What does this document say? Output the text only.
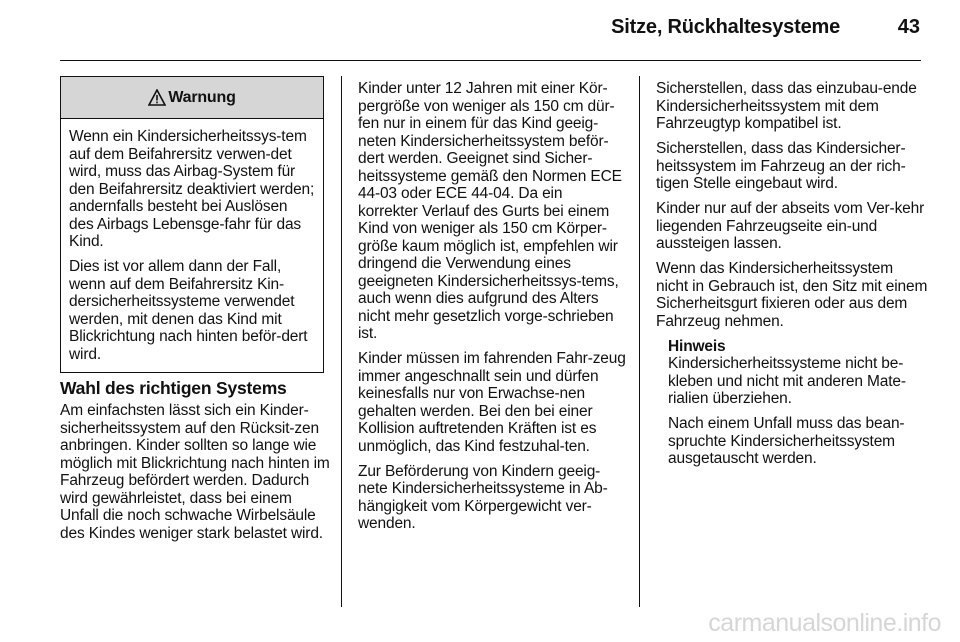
Sitze, Rückhaltesysteme	43
Warnung

Wenn ein Kindersicherheitssys-tem auf dem Beifahrersitz verwen-det wird, muss das Airbag-System für den Beifahrersitz deaktiviert werden; andernfalls besteht bei Auslösen des Airbags Lebensge-fahr für das Kind.

Dies ist vor allem dann der Fall, wenn auf dem Beifahrersitz Kin-dersicherheitssysteme verwendet werden, mit denen das Kind mit Blickrichtung nach hinten beför-dert wird.

Wahl des richtigen Systems
Am einfachsten lässt sich ein Kinder-sicherheitssystem auf den Rücksit-zen anbringen. Kinder sollten so lange wie möglich mit Blickrichtung nach hinten im Fahrzeug befördert werden. Dadurch wird gewährleistet, dass bei einem Unfall die noch schwache Wirbelsäule des Kindes weniger stark belastet wird.

Kinder unter 12 Jahren mit einer Kör-pergröße von weniger als 150 cm dür-fen nur in einem für das Kind geeig-neten Kindersicherheitssystem beför-dert werden. Geeignet sind Sicher-heitssysteme gemäß den Normen ECE 44-03 oder ECE 44-04. Da ein korrekter Verlauf des Gurts bei einem Kind von weniger als 150 cm Körper-größe kaum möglich ist, empfehlen wir dringend die Verwendung eines geeigneten Kindersicherheitssys-tems, auch wenn dies aufgrund des Alters nicht mehr gesetzlich vorge-schrieben ist.

Kinder müssen im fahrenden Fahr-zeug immer angeschnallt sein und dürfen keinesfalls nur von Erwachse-nen gehalten werden. Bei den bei einer Kollision auftretenden Kräften ist es unmöglich, das Kind festzuhal-ten.

Zur Beförderung von Kindern geeig-nete Kindersicherheitssysteme in Ab-hängigkeit vom Körpergewicht ver-wenden.

Sicherstellen, dass das einzubau-ende Kindersicherheitssystem mit dem Fahrzeugtyp kompatibel ist.

Sicherstellen, dass das Kindersicher-heitssystem im Fahrzeug an der rich-tigen Stelle eingebaut wird.

Kinder nur auf der abseits vom Ver-kehr liegenden Fahrzeugseite ein-und aussteigen lassen.

Wenn das Kindersicherheitssystem nicht in Gebrauch ist, den Sitz mit einem Sicherheitsgurt fixieren oder aus dem Fahrzeug nehmen.

Hinweis

Kindersicherheitssysteme nicht be-kleben und nicht mit anderen Mate-rialien überziehen.

Nach einem Unfall muss das bean-spruchte Kindersicherheitssystem ausgetauscht werden.

carmanualsonline.info
